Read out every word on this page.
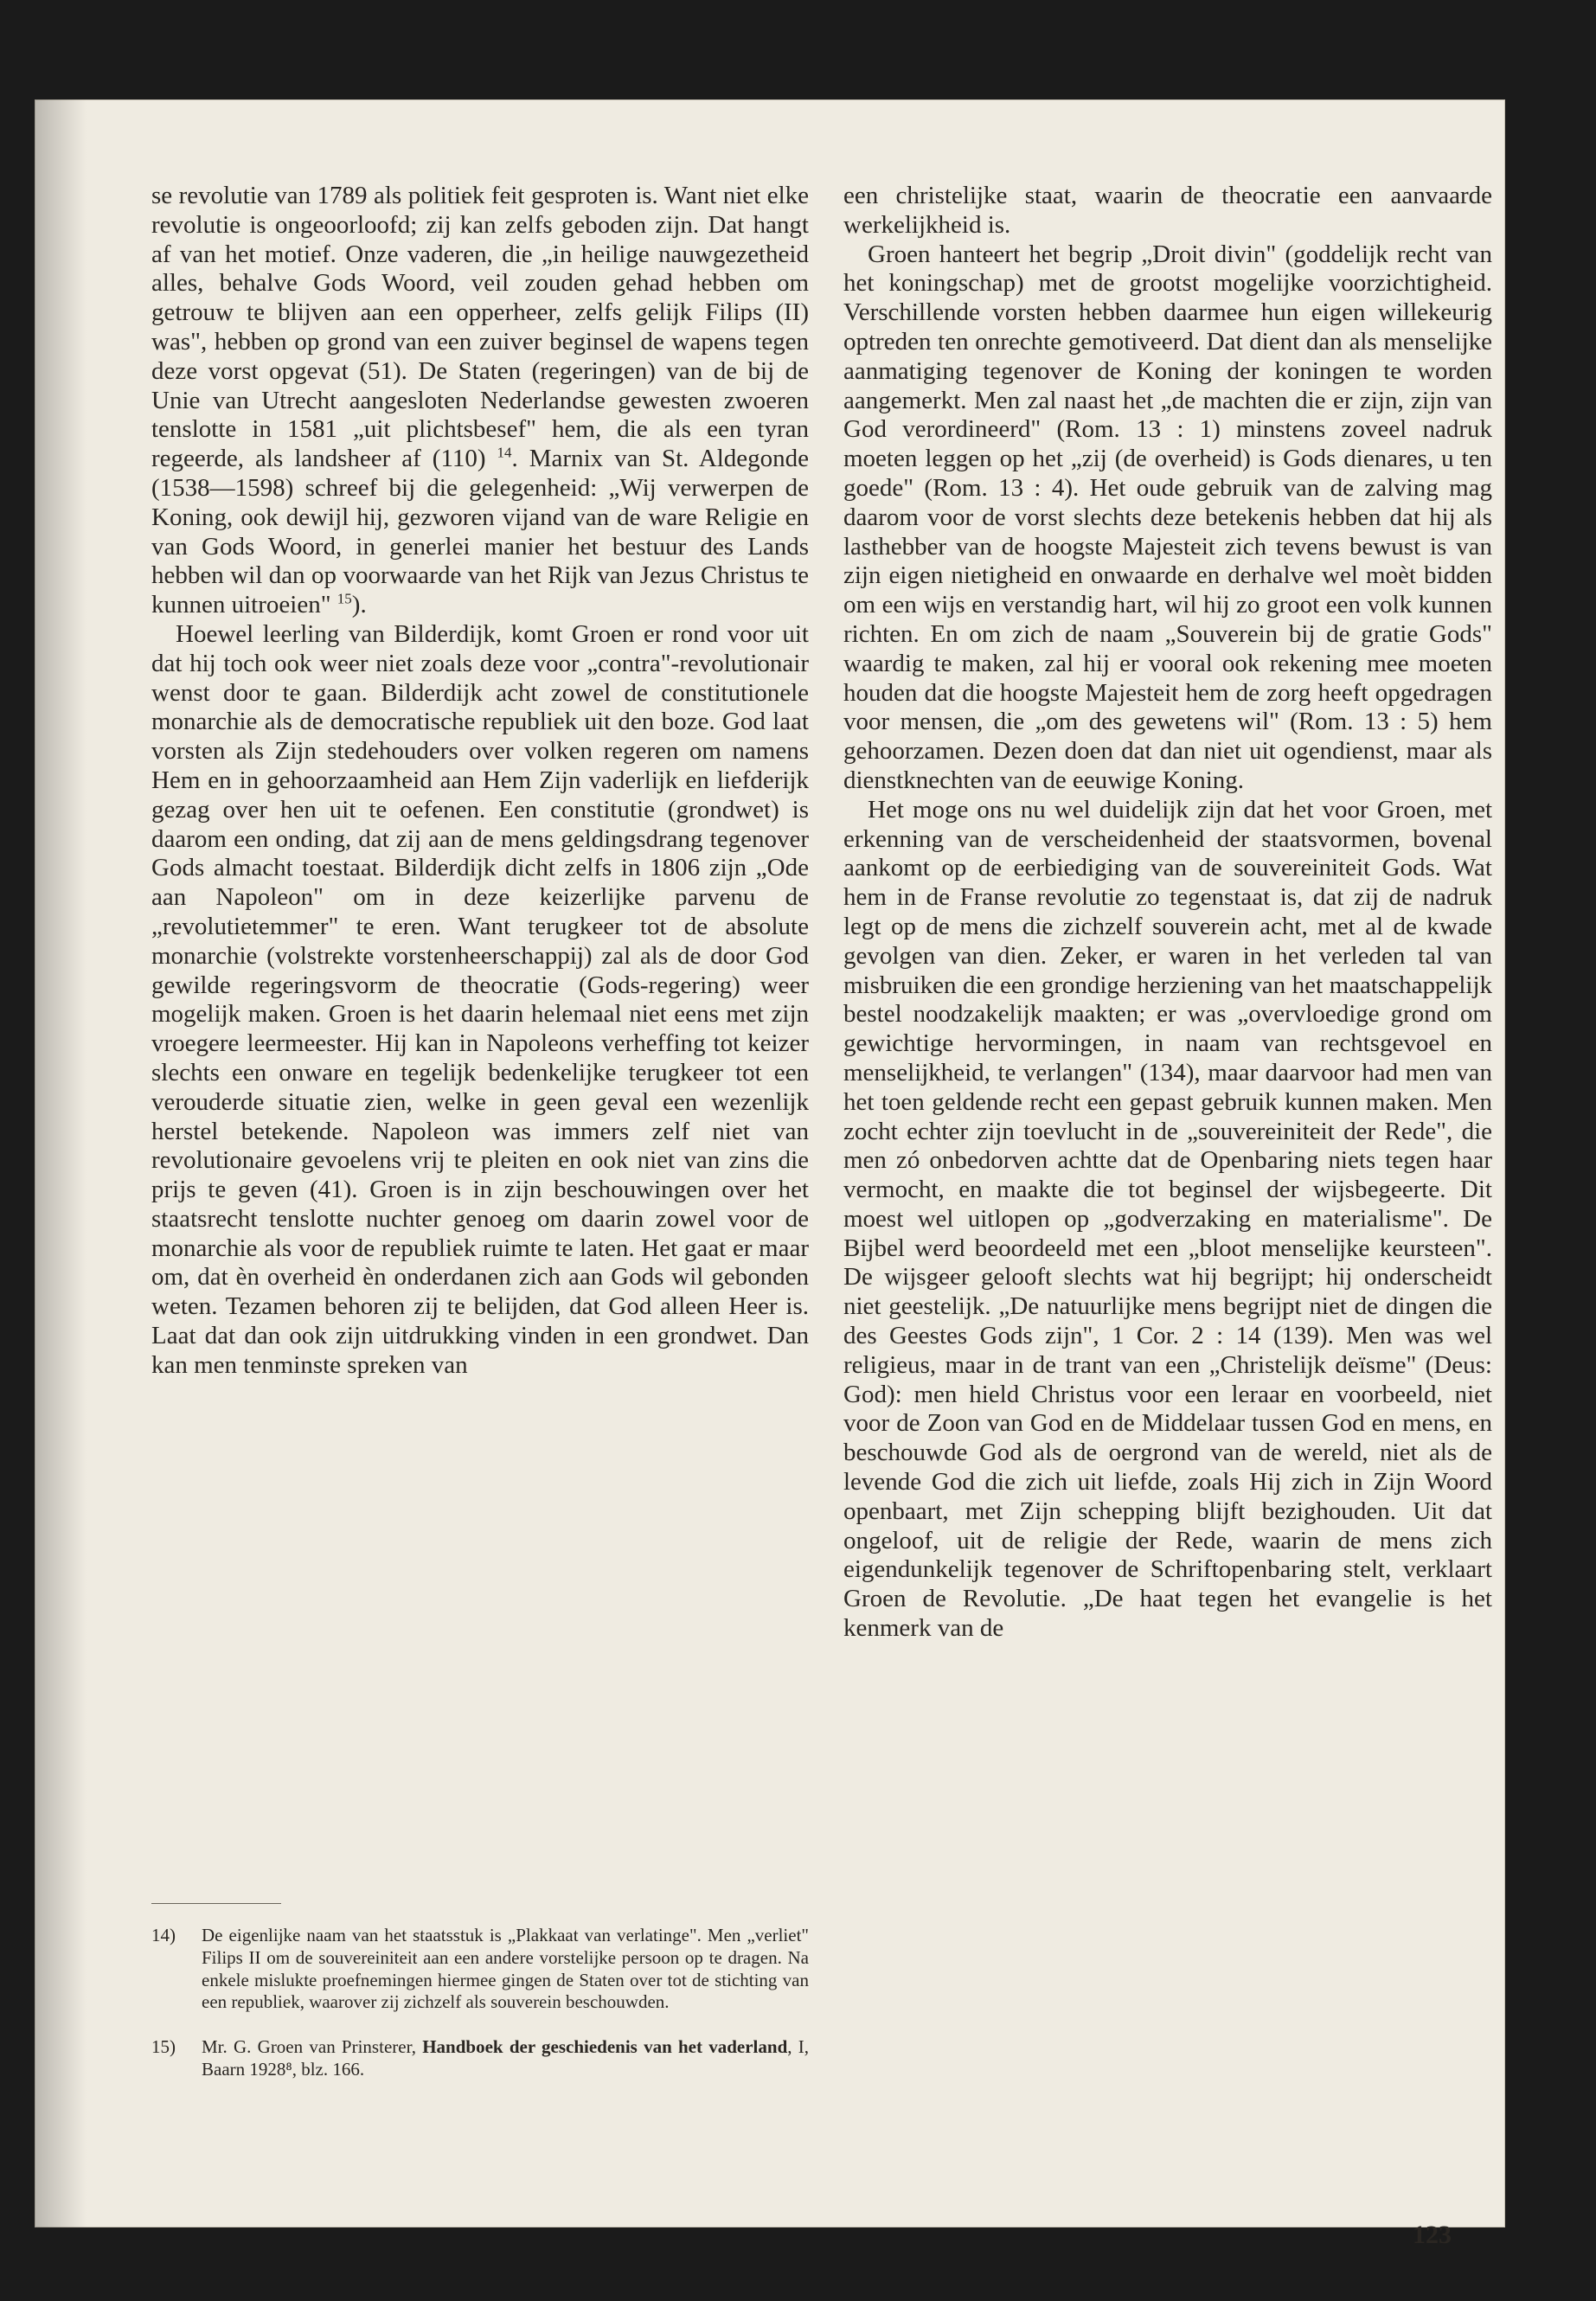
se revolutie van 1789 als politiek feit gesproten is. Want niet elke revolutie is ongeoorloofd; zij kan zelfs geboden zijn. Dat hangt af van het motief. Onze vaderen, die „in heilige nauwgezetheid alles, behalve Gods Woord, veil zouden gehad hebben om getrouw te blijven aan een opperheer, zelfs gelijk Filips (II) was", hebben op grond van een zuiver beginsel de wapens tegen deze vorst opgevat (51). De Staten (regeringen) van de bij de Unie van Utrecht aangesloten Nederlandse gewesten zwoeren tenslotte in 1581 „uit plichtsbesef" hem, die als een tyran regeerde, als landsheer af (110) $^{14}$. Marnix van St. Aldegonde (1538—1598) schreef bij die gelegenheid: „Wij verwerpen de Koning, ook dewijl hij, gezworen vijand van de ware Religie en van Gods Woord, in generlei manier het bestuur des Lands hebben wil dan op voorwaarde van het Rijk van Jezus Christus te kunnen uitroeien" $^{15}$).

Hoewel leerling van Bilderdijk, komt Groen er rond voor uit dat hij toch ook weer niet zoals deze voor „contra"-revolutionair wenst door te gaan. Bilderdijk acht zowel de constitutionele monarchie als de democratische republiek uit den boze. God laat vorsten als Zijn stedehouders over volken regeren om namens Hem en in gehoorzaamheid aan Hem Zijn vaderlijk en liefderijk gezag over hen uit te oefenen. Een constitutie (grondwet) is daarom een onding, dat zij aan de mens geldingsdrang tegenover Gods almacht toestaat. Bilderdijk dicht zelfs in 1806 zijn „Ode aan Napoleon" om in deze keizerlijke parvenu de „revolutietemmer" te eren. Want terugkeer tot de absolute monarchie (volstrekte vorstenheerschappij) zal als de door God gewilde regeringsvorm de theocratie (Gods-regering) weer mogelijk maken. Groen is het daarin helemaal niet eens met zijn vroegere leermeester. Hij kan in Napoleons verheffing tot keizer slechts een onware en tegelijk bedenkelijke terugkeer tot een verouderde situatie zien, welke in geen geval een wezenlijk herstel betekende. Napoleon was immers zelf niet van revolutionaire gevoelens vrij te pleiten en ook niet van zins die prijs te geven (41). Groen is in zijn beschouwingen over het staatsrecht tenslotte nuchter genoeg om daarin zowel voor de monarchie als voor de republiek ruimte te laten. Het gaat er maar om, dat èn overheid èn onderdanen zich aan Gods wil gebonden weten. Tezamen behoren zij te belijden, dat God alleen Heer is. Laat dat dan ook zijn uitdrukking vinden in een grondwet. Dan kan men tenminste spreken van

een christelijke staat, waarin de theocratie een aanvaarde werkelijkheid is.

Groen hanteert het begrip „Droit divin" (goddelijk recht van het koningschap) met de grootst mogelijke voorzichtigheid. Verschillende vorsten hebben daarmee hun eigen willekeurig optreden ten onrechte gemotiveerd. Dat dient dan als menselijke aanmatiging tegenover de Koning der koningen te worden aangemerkt. Men zal naast het „de machten die er zijn, zijn van God verordineerd" (Rom. 13 : 1) minstens zoveel nadruk moeten leggen op het „zij (de overheid) is Gods dienares, u ten goede" (Rom. 13 : 4). Het oude gebruik van de zalving mag daarom voor de vorst slechts deze betekenis hebben dat hij als lasthebber van de hoogste Majesteit zich tevens bewust is van zijn eigen nietigheid en onwaarde en derhalve wel moèt bidden om een wijs en verstandig hart, wil hij zo groot een volk kunnen richten. En om zich de naam „Souverein bij de gratie Gods" waardig te maken, zal hij er vooral ook rekening mee moeten houden dat die hoogste Majesteit hem de zorg heeft opgedragen voor mensen, die „om des gewetens wil" (Rom. 13 : 5) hem gehoorzamen. Dezen doen dat dan niet uit ogendienst, maar als dienstknechten van de eeuwige Koning.

Het moge ons nu wel duidelijk zijn dat het voor Groen, met erkenning van de verscheidenheid der staatsvormen, bovenal aankomt op de eerbiediging van de souvereiniteit Gods. Wat hem in de Franse revolutie zo tegenstaat is, dat zij de nadruk legt op de mens die zichzelf souverein acht, met al de kwade gevolgen van dien. Zeker, er waren in het verleden tal van misbruiken die een grondige herziening van het maatschappelijk bestel noodzakelijk maakten; er was „overvloedige grond om gewichtige hervormingen, in naam van rechtsgevoel en menselijkheid, te verlangen" (134), maar daarvoor had men van het toen geldende recht een gepast gebruik kunnen maken. Men zocht echter zijn toevlucht in de „souvereiniteit der Rede", die men zó onbedorven achtte dat de Openbaring niets tegen haar vermocht, en maakte die tot beginsel der wijsbegeerte. Dit moest wel uitlopen op „godverzaking en materialisme". De Bijbel werd beoordeeld met een „bloot menselijke keursteen". De wijsgeer gelooft slechts wat hij begrijpt; hij onderscheidt niet geestelijk. „De natuurlijke mens begrijpt niet de dingen die des Geestes Gods zijn", 1 Cor. 2 : 14 (139). Men was wel religieus, maar in de trant van een „Christelijk deïsme" (Deus: God): men hield Christus voor een leraar en voorbeeld, niet voor de Zoon van God en de Middelaar tussen God en mens, en beschouwde God als de oergrond van de wereld, niet als de levende God die zich uit liefde, zoals Hij zich in Zijn Woord openbaart, met Zijn schepping blijft bezighouden. Uit dat ongeloof, uit de religie der Rede, waarin de mens zich eigendunkelijk tegenover de Schriftopenbaring stelt, verklaart Groen de Revolutie. „De haat tegen het evangelie is het kenmerk van de

14)	De eigenlijke naam van het staatsstuk is „Plakkaat van verlatinge". Men „verliet" Filips II om de souvereiniteit aan een andere vorstelijke persoon op te dragen. Na enkele mislukte proefnemingen hiermee gingen de Staten over tot de stichting van een republiek, waarover zij zichzelf als souverein beschouwden.
15)	Mr. G. Groen van Prinsterer, Handboek der geschiedenis van het vaderland, I, Baarn 1928⁸, blz. 166.
123
